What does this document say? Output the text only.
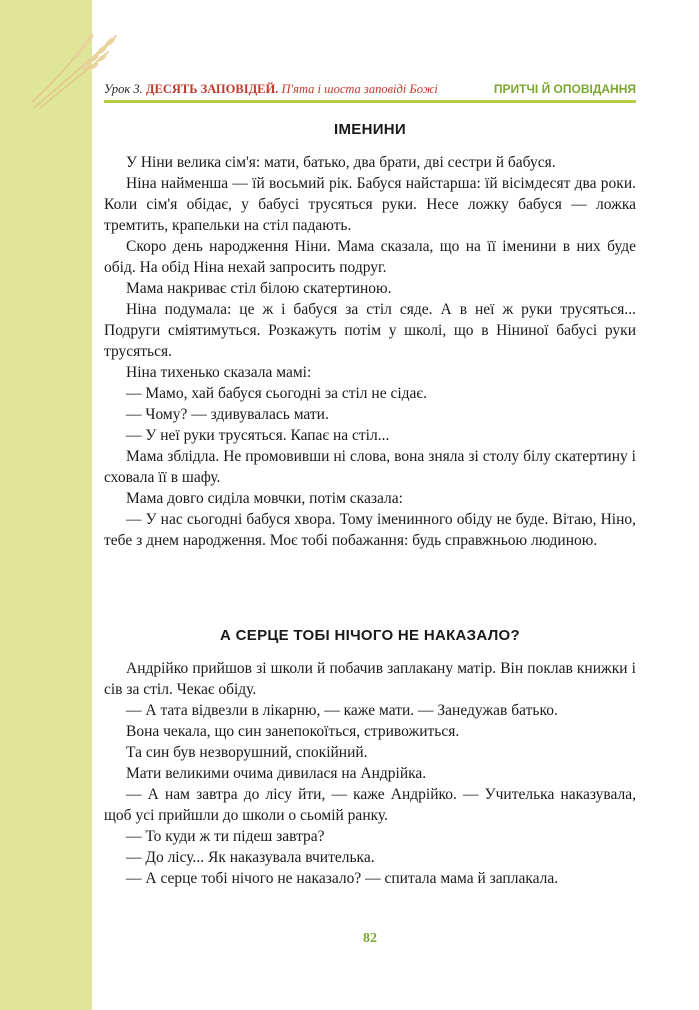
Урок 3. ДЕСЯТЬ ЗАПОВІДЕЙ. П'ята і шоста заповіді Божі	ПРИТЧІ Й ОПОВІДАННЯ
ІМЕНИНИ

У Ніни велика сім'я: мати, батько, два брати, дві сестри й бабуся.

Ніна найменша — їй восьмий рік. Бабуся найстарша: їй вісімдесят два роки. Коли сім'я обідає, у бабусі трусяться руки. Несе ложку бабуся — ложка тремтить, крапельки на стіл падають.

Скоро день народження Ніни. Мама сказала, що на її іменини в них буде обід. На обід Ніна нехай запросить подруг.

Мама накриває стіл білою скатертиною.

Ніна подумала: це ж і бабуся за стіл сяде. А в неї ж руки трусяться... Подруги сміятимуться. Розкажуть потім у школі, що в Ніниної бабусі руки трусяться.

Ніна тихенько сказала мамі:

— Мамо, хай бабуся сьогодні за стіл не сідає.

— Чому? — здивувалась мати.

— У неї руки трусяться. Капає на стіл...

Мама зблідла. Не промовивши ні слова, вона зняла зі столу білу скатертину і сховала її в шафу.

Мама довго сиділа мовчки, потім сказала:

— У нас сьогодні бабуся хвора. Тому іменинного обіду не буде. Вітаю, Ніно, тебе з днем народження. Моє тобі побажання: будь справжньою людиною.

А СЕРЦЕ ТОБІ НІЧОГО НЕ НАКАЗАЛО?

Андрійко прийшов зі школи й побачив заплакану матір. Він поклав книжки і сів за стіл. Чекає обіду.

— А тата відвезли в лікарню, — каже мати. — Занедужав батько.

Вона чекала, що син занепокоїться, стривожиться.

Та син був незворушний, спокійний.

Мати великими очима дивилася на Андрійка.

— А нам завтра до лісу йти, — каже Андрійко. — Учителька наказувала, щоб усі прийшли до школи о сьомій ранку.

— То куди ж ти підеш завтра?

— До лісу... Як наказувала вчителька.

— А серце тобі нічого не наказало? — спитала мама й заплакала.

82
